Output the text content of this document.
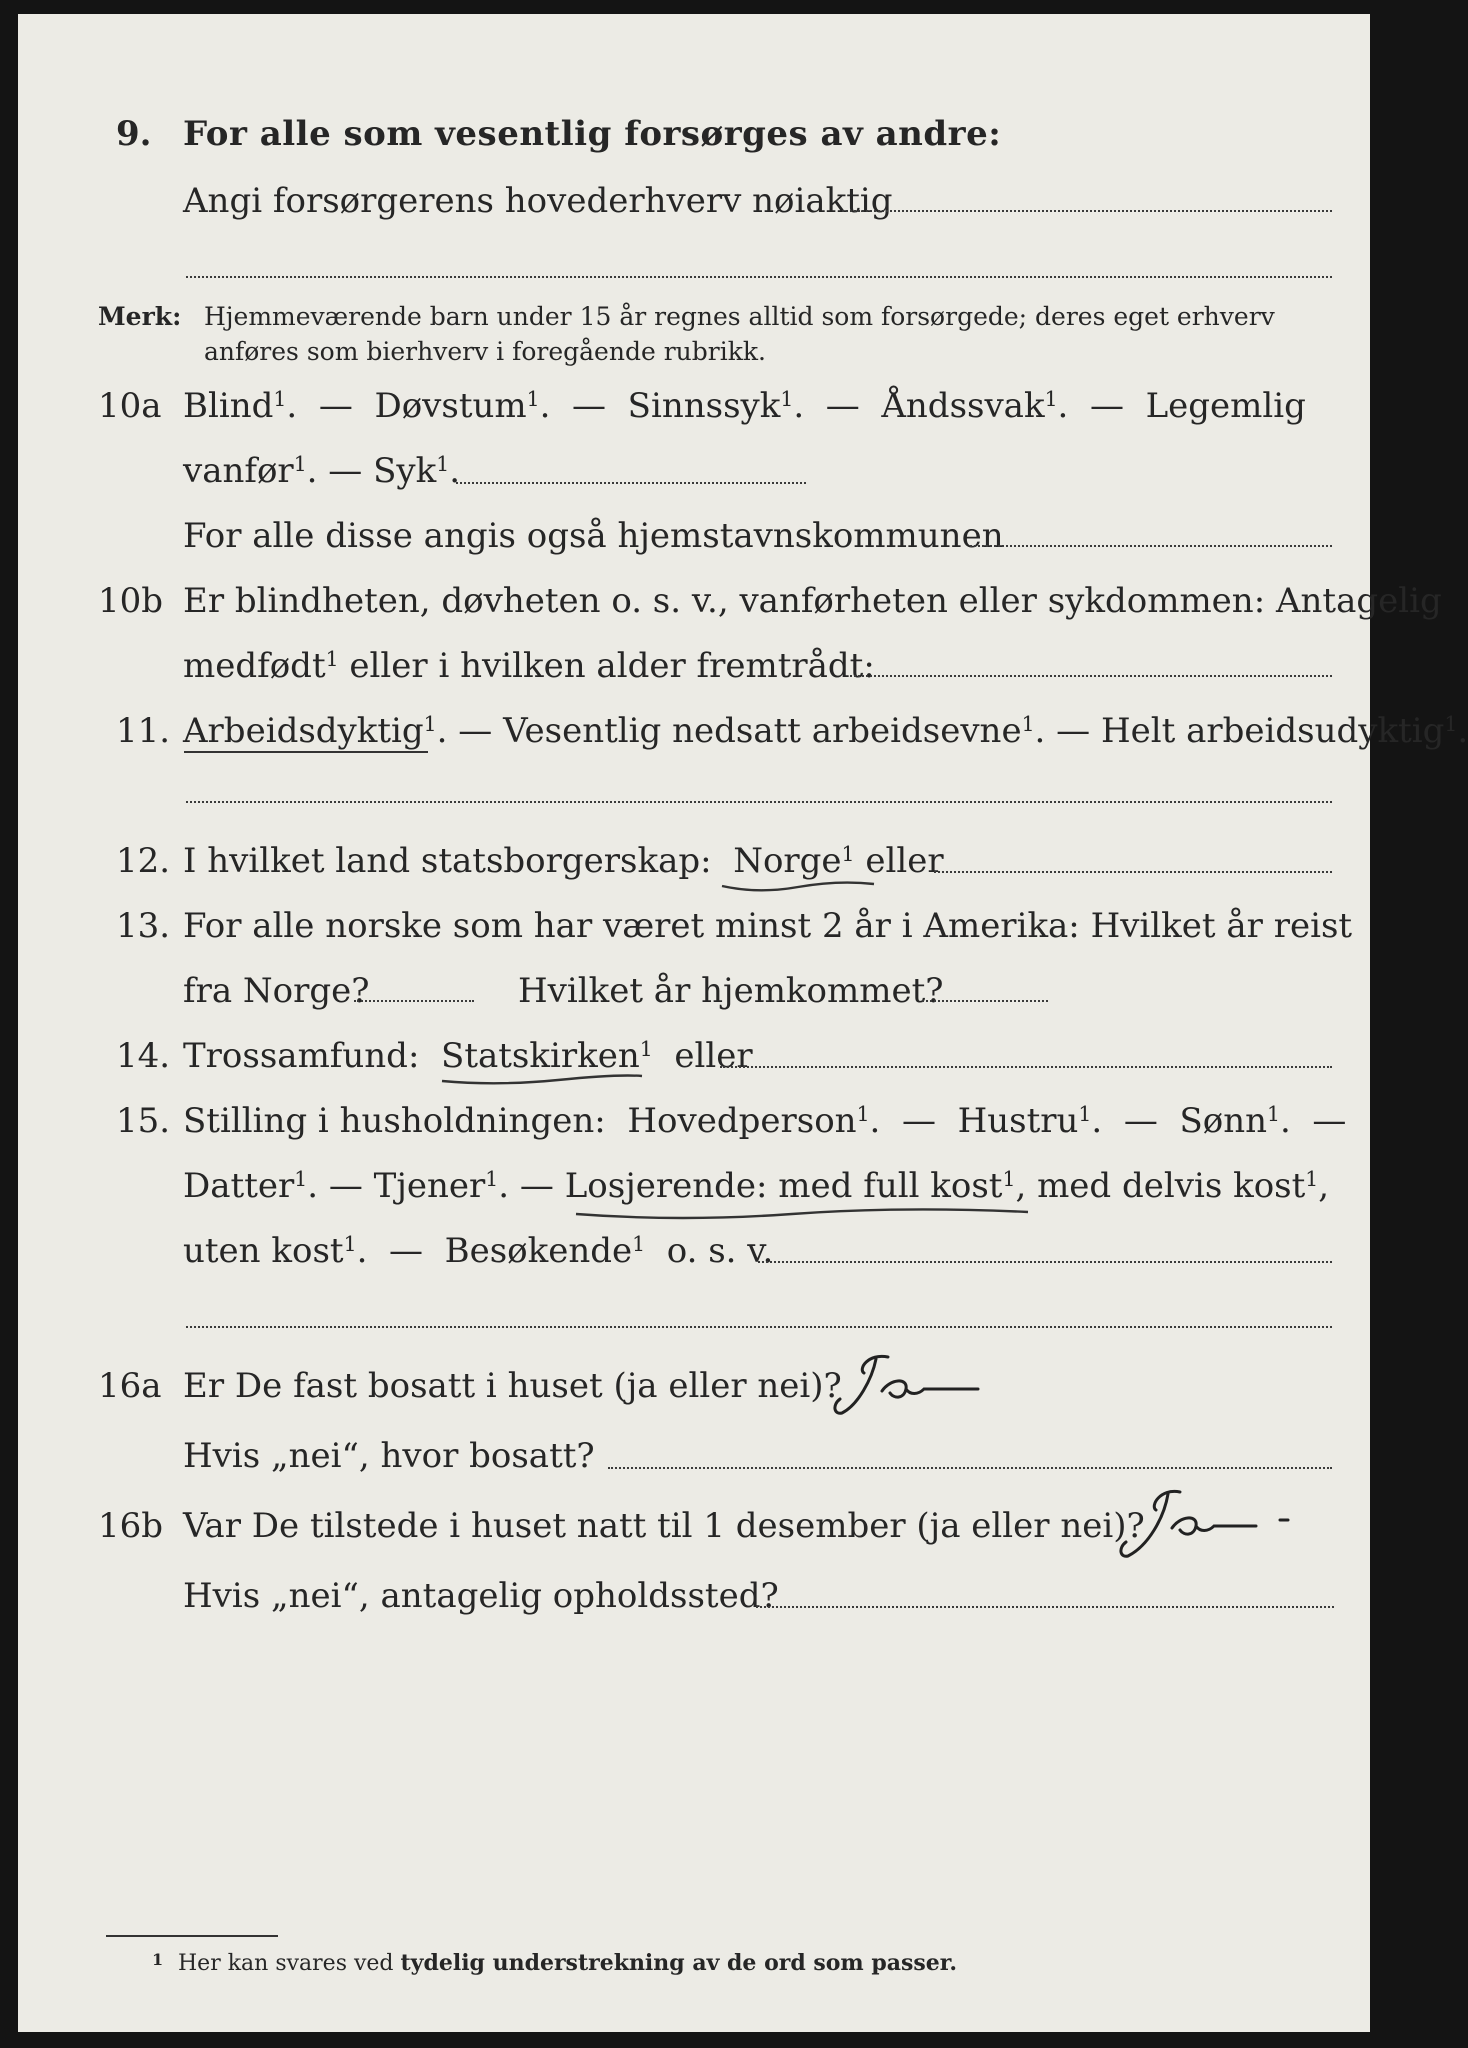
9. For alle som vesentlig forsørges av andre:
Angi forsørgerens hovederhverv nøiaktig
Merk: Hjemmeværende barn under 15 år regnes alltid som forsørgede; deres eget erhverv
anføres som bierhverv i foregående rubrikk.
10a Blind$^1$.  —  Døvstum$^1$.  —  Sinnssyk$^1$.  —  Åndssvak$^1$.  —  Legemlig
vanfør$^1$. — Syk$^1$.
For alle disse angis også hjemstavnskommunen
10b Er blindheten, døvheten o. s. v., vanførheten eller sykdommen: Antagelig
medfødt$^1$ eller i hvilken alder fremtrådt:
11. Arbeidsdyktig$^1$. — Vesentlig nedsatt arbeidsevne$^1$. — Helt arbeidsudyktig$^1$.
12. I hvilket land statsborgerskap: Norge$^1$ eller
13. For alle norske som har været minst 2 år i Amerika: Hvilket år reist
fra Norge?	Hvilket år hjemkommet?
14. Trossamfund: Statskirken$^1$ eller
15. Stilling i husholdningen: Hovedperson$^1$.  —  Hustru$^1$.  —  Sønn$^1$.  —
Datter$^1$. — Tjener$^1$. — Losjerende: med full kost$^1$, med delvis kost$^1$,
uten kost$^1$.  —  Besøkende$^1$ o. s. v.
16a Er De fast bosatt i huset (ja eller nei)?
Hvis „nei“, hvor bosatt?
16b Var De tilstede i huset natt til 1 desember (ja eller nei)?
Hvis „nei“, antagelig opholdssted?
1 Her kan svares ved tydelig understrekning av de ord som passer.
